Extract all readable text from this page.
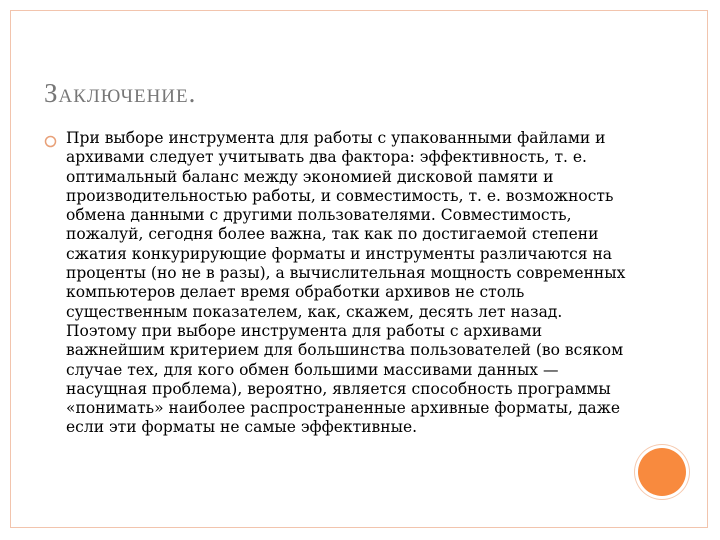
Заключение.
При выборе инструмента для работы с упакованными файлами и архивами следует учитывать два фактора: эффективность, т. е. оптимальный баланс между экономией дисковой памяти и производительностью работы, и совместимость, т. е. возможность обмена данными с другими пользователями. Совместимость, пожалуй, сегодня более важна, так как по достигаемой степени сжатия конкурирующие форматы и инструменты различаются на проценты (но не в разы), а вычислительная мощность современных компьютеров делает время обработки архивов не столь существенным показателем, как, скажем, десять лет назад. Поэтому при выборе инструмента для работы с архивами важнейшим критерием для большинства пользователей (во всяком случае тех, для кого обмен большими массивами данных — насущная проблема), вероятно, является способность программы «понимать» наиболее распространенные архивные форматы, даже если эти форматы не самые эффективные.
